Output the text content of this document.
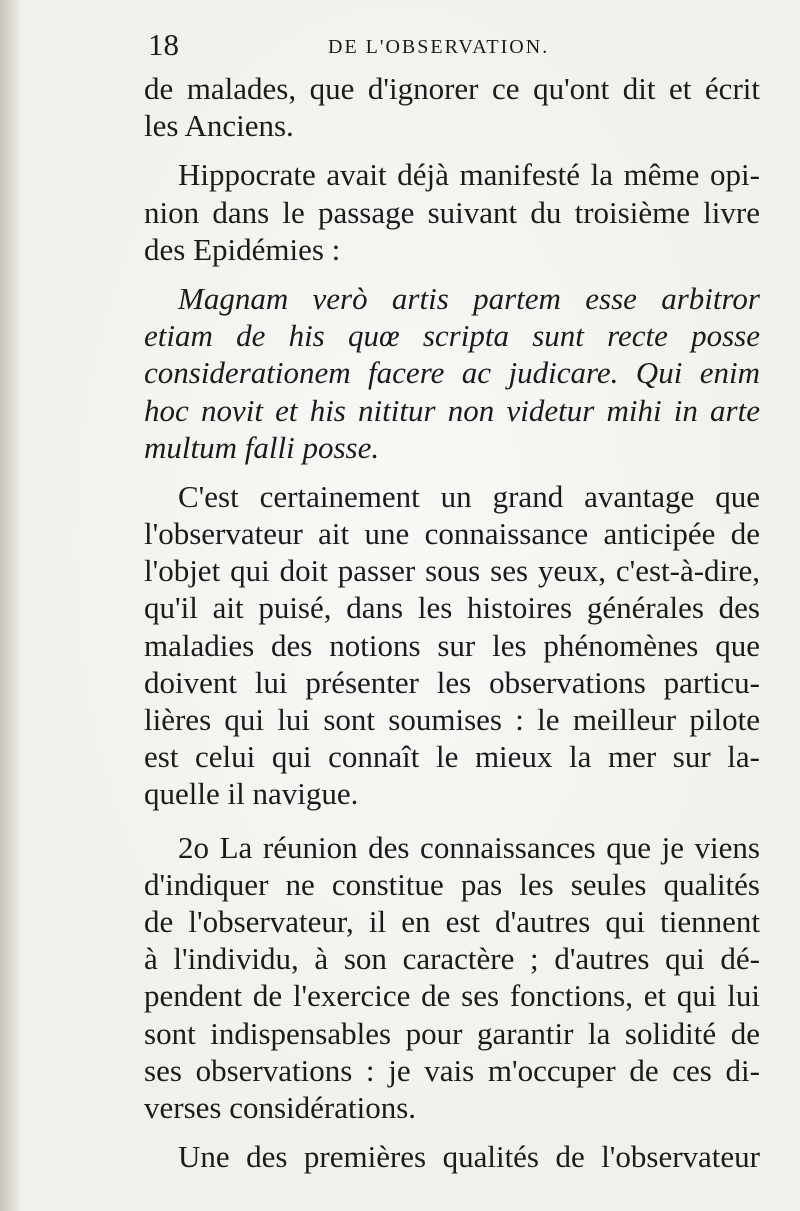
18	DE L'OBSERVATION.
de malades, que d'ignorer ce qu'ont dit et écrit
les Anciens.
Hippocrate avait déjà manifesté la même opi-
nion dans le passage suivant du troisième livre
des Epidémies :
Magnam verò artis partem esse arbitror
etiam de his quœ scripta sunt recte posse
considerationem facere ac judicare. Qui enim
hoc novit et his nititur non videtur mihi in arte
multum falli posse.
C'est certainement un grand avantage que
l'observateur ait une connaissance anticipée de
l'objet qui doit passer sous ses yeux, c'est-à-dire,
qu'il ait puisé, dans les histoires générales des
maladies des notions sur les phénomènes que
doivent lui présenter les observations particu-
lières qui lui sont soumises : le meilleur pilote
est celui qui connaît le mieux la mer sur la-
quelle il navigue.
2o La réunion des connaissances que je viens
d'indiquer ne constitue pas les seules qualités
de l'observateur, il en est d'autres qui tiennent
à l'individu, à son caractère ; d'autres qui dé-
pendent de l'exercice de ses fonctions, et qui lui
sont indispensables pour garantir la solidité de
ses observations : je vais m'occuper de ces di-
verses considérations.
Une des premières qualités de l'observateur
